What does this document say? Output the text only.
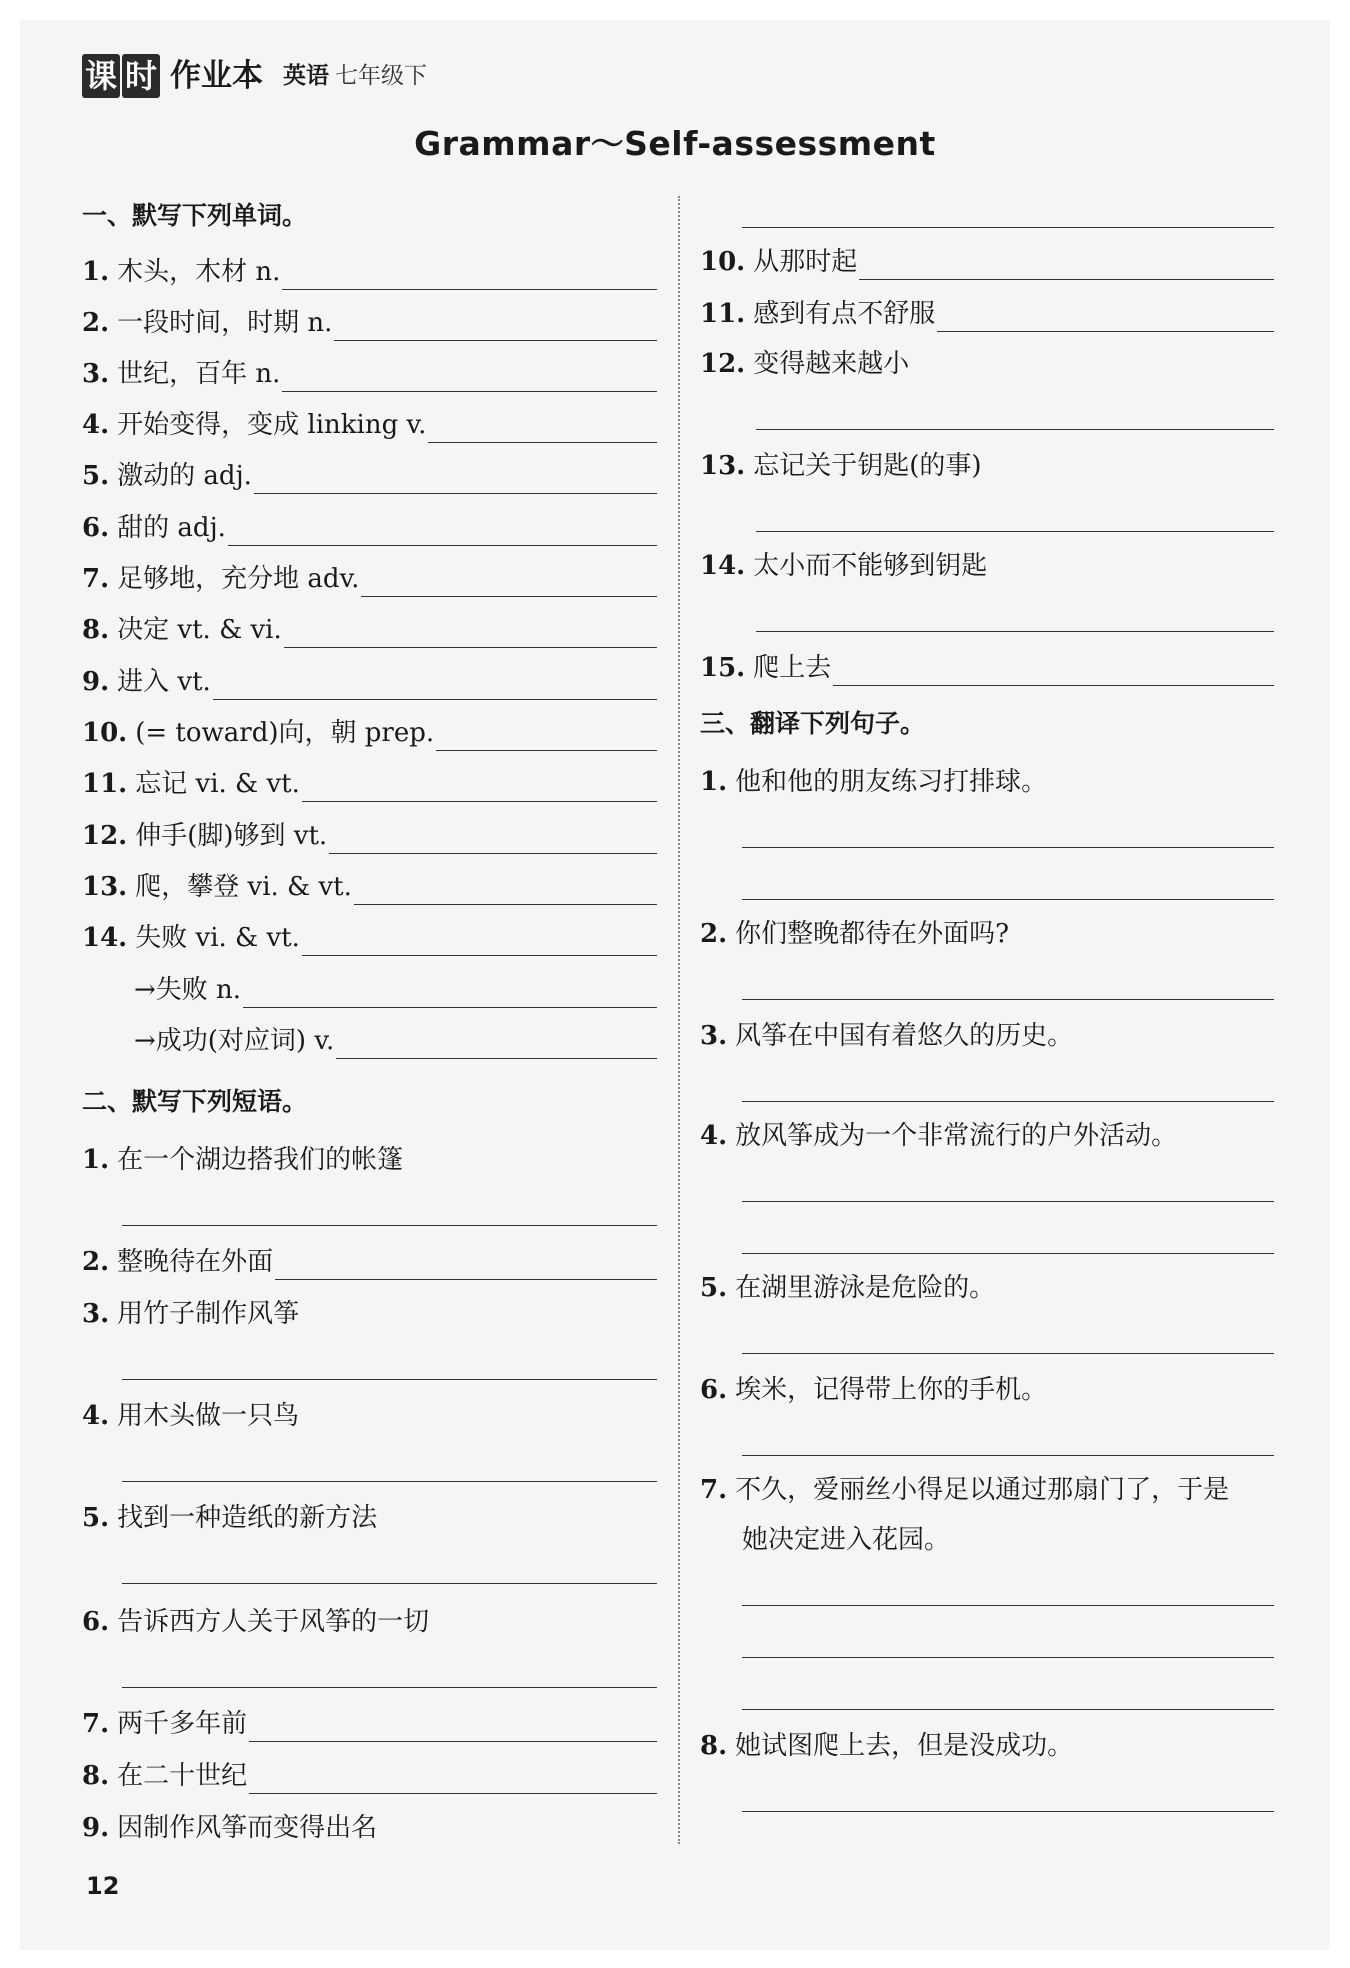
课 时 作业本 英语 七年级下
Grammar～Self-assessment
一、默写下列单词。
1. 木头，木材 n.
2. 一段时间，时期 n.
3. 世纪，百年 n.
4. 开始变得，变成 linking v.
5. 激动的 adj.
6. 甜的 adj.
7. 足够地，充分地 adv.
8. 决定 vt. & vi.
9. 进入 vt.
10. (= toward)向，朝 prep.
11. 忘记 vi. & vt.
12. 伸手(脚)够到 vt.
13. 爬，攀登 vi. & vt.
14. 失败 vi. & vt.
→失败 n.
→成功(对应词) v.
二、默写下列短语。
1. 在一个湖边搭我们的帐篷
2. 整晚待在外面
3. 用竹子制作风筝
4. 用木头做一只鸟
5. 找到一种造纸的新方法
6. 告诉西方人关于风筝的一切
7. 两千多年前
8. 在二十世纪
9. 因制作风筝而变得出名
10. 从那时起
11. 感到有点不舒服
12. 变得越来越小
13. 忘记关于钥匙(的事)
14. 太小而不能够到钥匙
15. 爬上去
三、翻译下列句子。
1. 他和他的朋友练习打排球。
2. 你们整晚都待在外面吗?
3. 风筝在中国有着悠久的历史。
4. 放风筝成为一个非常流行的户外活动。
5. 在湖里游泳是危险的。
6. 埃米，记得带上你的手机。
7. 不久，爱丽丝小得足以通过那扇门了，于是
她决定进入花园。
8. 她试图爬上去，但是没成功。
12
